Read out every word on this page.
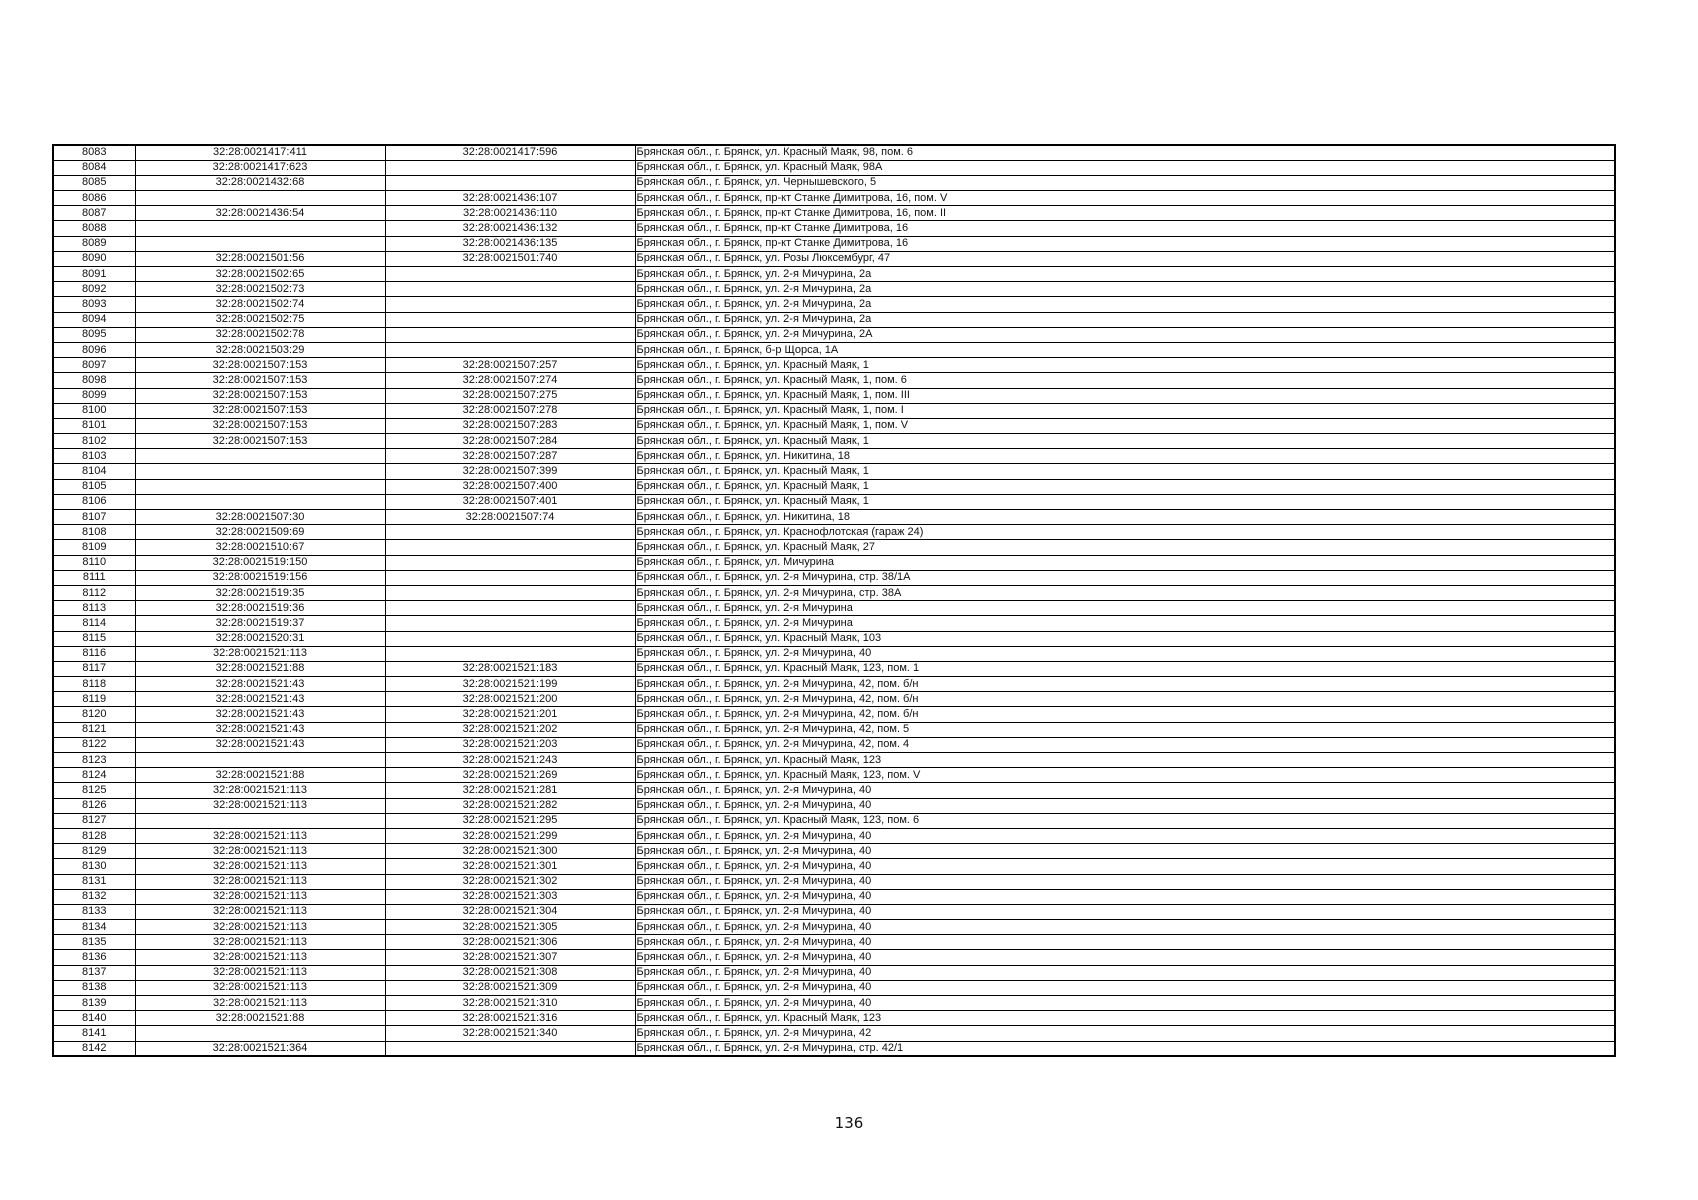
8083	32:28:0021417:411	32:28:0021417:596	Брянская обл., г. Брянск, ул. Красный Маяк, 98, пом. 6
8084	32:28:0021417:623		Брянская обл., г. Брянск, ул. Красный Маяк, 98А
8085	32:28:0021432:68		Брянская обл., г. Брянск, ул. Чернышевского, 5
8086		32:28:0021436:107	Брянская обл., г. Брянск, пр-кт Станке Димитрова, 16, пом. V
8087	32:28:0021436:54	32:28:0021436:110	Брянская обл., г. Брянск, пр-кт Станке Димитрова, 16, пом. II
8088		32:28:0021436:132	Брянская обл., г. Брянск, пр-кт Станке Димитрова, 16
8089		32:28:0021436:135	Брянская обл., г. Брянск, пр-кт Станке Димитрова, 16
8090	32:28:0021501:56	32:28:0021501:740	Брянская обл., г. Брянск, ул. Розы Люксембург, 47
8091	32:28:0021502:65		Брянская обл., г. Брянск, ул. 2-я Мичурина, 2а
8092	32:28:0021502:73		Брянская обл., г. Брянск, ул. 2-я Мичурина, 2а
8093	32:28:0021502:74		Брянская обл., г. Брянск, ул. 2-я Мичурина, 2а
8094	32:28:0021502:75		Брянская обл., г. Брянск, ул. 2-я Мичурина, 2а
8095	32:28:0021502:78		Брянская обл., г. Брянск, ул. 2-я Мичурина, 2А
8096	32:28:0021503:29		Брянская обл., г. Брянск, б-р Щорса, 1А
8097	32:28:0021507:153	32:28:0021507:257	Брянская обл., г. Брянск, ул. Красный Маяк, 1
8098	32:28:0021507:153	32:28:0021507:274	Брянская обл., г. Брянск, ул. Красный Маяк, 1, пом. 6
8099	32:28:0021507:153	32:28:0021507:275	Брянская обл., г. Брянск, ул. Красный Маяк, 1, пом. III
8100	32:28:0021507:153	32:28:0021507:278	Брянская обл., г. Брянск, ул. Красный Маяк, 1, пом. I
8101	32:28:0021507:153	32:28:0021507:283	Брянская обл., г. Брянск, ул. Красный Маяк, 1, пом. V
8102	32:28:0021507:153	32:28:0021507:284	Брянская обл., г. Брянск, ул. Красный Маяк, 1
8103		32:28:0021507:287	Брянская обл., г. Брянск, ул. Никитина, 18
8104		32:28:0021507:399	Брянская обл., г. Брянск, ул. Красный Маяк, 1
8105		32:28:0021507:400	Брянская обл., г. Брянск, ул. Красный Маяк, 1
8106		32:28:0021507:401	Брянская обл., г. Брянск, ул. Красный Маяк, 1
8107	32:28:0021507:30	32:28:0021507:74	Брянская обл., г. Брянск, ул. Никитина, 18
8108	32:28:0021509:69		Брянская обл., г. Брянск, ул. Краснофлотская (гараж 24)
8109	32:28:0021510:67		Брянская обл., г. Брянск, ул. Красный Маяк, 27
8110	32:28:0021519:150		Брянская обл., г. Брянск, ул. Мичурина
8111	32:28:0021519:156		Брянская обл., г. Брянск, ул. 2-я Мичурина, стр. 38/1А
8112	32:28:0021519:35		Брянская обл., г. Брянск, ул. 2-я Мичурина, стр. 38А
8113	32:28:0021519:36		Брянская обл., г. Брянск, ул. 2-я Мичурина
8114	32:28:0021519:37		Брянская обл., г. Брянск, ул. 2-я Мичурина
8115	32:28:0021520:31		Брянская обл., г. Брянск, ул. Красный Маяк, 103
8116	32:28:0021521:113		Брянская обл., г. Брянск, ул. 2-я Мичурина, 40
8117	32:28:0021521:88	32:28:0021521:183	Брянская обл., г. Брянск, ул. Красный Маяк, 123, пом. 1
8118	32:28:0021521:43	32:28:0021521:199	Брянская обл., г. Брянск, ул. 2-я Мичурина, 42, пом. б/н
8119	32:28:0021521:43	32:28:0021521:200	Брянская обл., г. Брянск, ул. 2-я Мичурина, 42, пом. б/н
8120	32:28:0021521:43	32:28:0021521:201	Брянская обл., г. Брянск, ул. 2-я Мичурина, 42, пом. б/н
8121	32:28:0021521:43	32:28:0021521:202	Брянская обл., г. Брянск, ул. 2-я Мичурина, 42, пом. 5
8122	32:28:0021521:43	32:28:0021521:203	Брянская обл., г. Брянск, ул. 2-я Мичурина, 42, пом. 4
8123		32:28:0021521:243	Брянская обл., г. Брянск, ул. Красный Маяк, 123
8124	32:28:0021521:88	32:28:0021521:269	Брянская обл., г. Брянск, ул. Красный Маяк, 123, пом. V
8125	32:28:0021521:113	32:28:0021521:281	Брянская обл., г. Брянск, ул. 2-я Мичурина, 40
8126	32:28:0021521:113	32:28:0021521:282	Брянская обл., г. Брянск, ул. 2-я Мичурина, 40
8127		32:28:0021521:295	Брянская обл., г. Брянск, ул. Красный Маяк, 123, пом. 6
8128	32:28:0021521:113	32:28:0021521:299	Брянская обл., г. Брянск, ул. 2-я Мичурина, 40
8129	32:28:0021521:113	32:28:0021521:300	Брянская обл., г. Брянск, ул. 2-я Мичурина, 40
8130	32:28:0021521:113	32:28:0021521:301	Брянская обл., г. Брянск, ул. 2-я Мичурина, 40
8131	32:28:0021521:113	32:28:0021521:302	Брянская обл., г. Брянск, ул. 2-я Мичурина, 40
8132	32:28:0021521:113	32:28:0021521:303	Брянская обл., г. Брянск, ул. 2-я Мичурина, 40
8133	32:28:0021521:113	32:28:0021521:304	Брянская обл., г. Брянск, ул. 2-я Мичурина, 40
8134	32:28:0021521:113	32:28:0021521:305	Брянская обл., г. Брянск, ул. 2-я Мичурина, 40
8135	32:28:0021521:113	32:28:0021521:306	Брянская обл., г. Брянск, ул. 2-я Мичурина, 40
8136	32:28:0021521:113	32:28:0021521:307	Брянская обл., г. Брянск, ул. 2-я Мичурина, 40
8137	32:28:0021521:113	32:28:0021521:308	Брянская обл., г. Брянск, ул. 2-я Мичурина, 40
8138	32:28:0021521:113	32:28:0021521:309	Брянская обл., г. Брянск, ул. 2-я Мичурина, 40
8139	32:28:0021521:113	32:28:0021521:310	Брянская обл., г. Брянск, ул. 2-я Мичурина, 40
8140	32:28:0021521:88	32:28:0021521:316	Брянская обл., г. Брянск, ул. Красный Маяк, 123
8141		32:28:0021521:340	Брянская обл., г. Брянск, ул. 2-я Мичурина, 42
8142	32:28:0021521:364		Брянская обл., г. Брянск, ул. 2-я Мичурина, стр. 42/1
136
